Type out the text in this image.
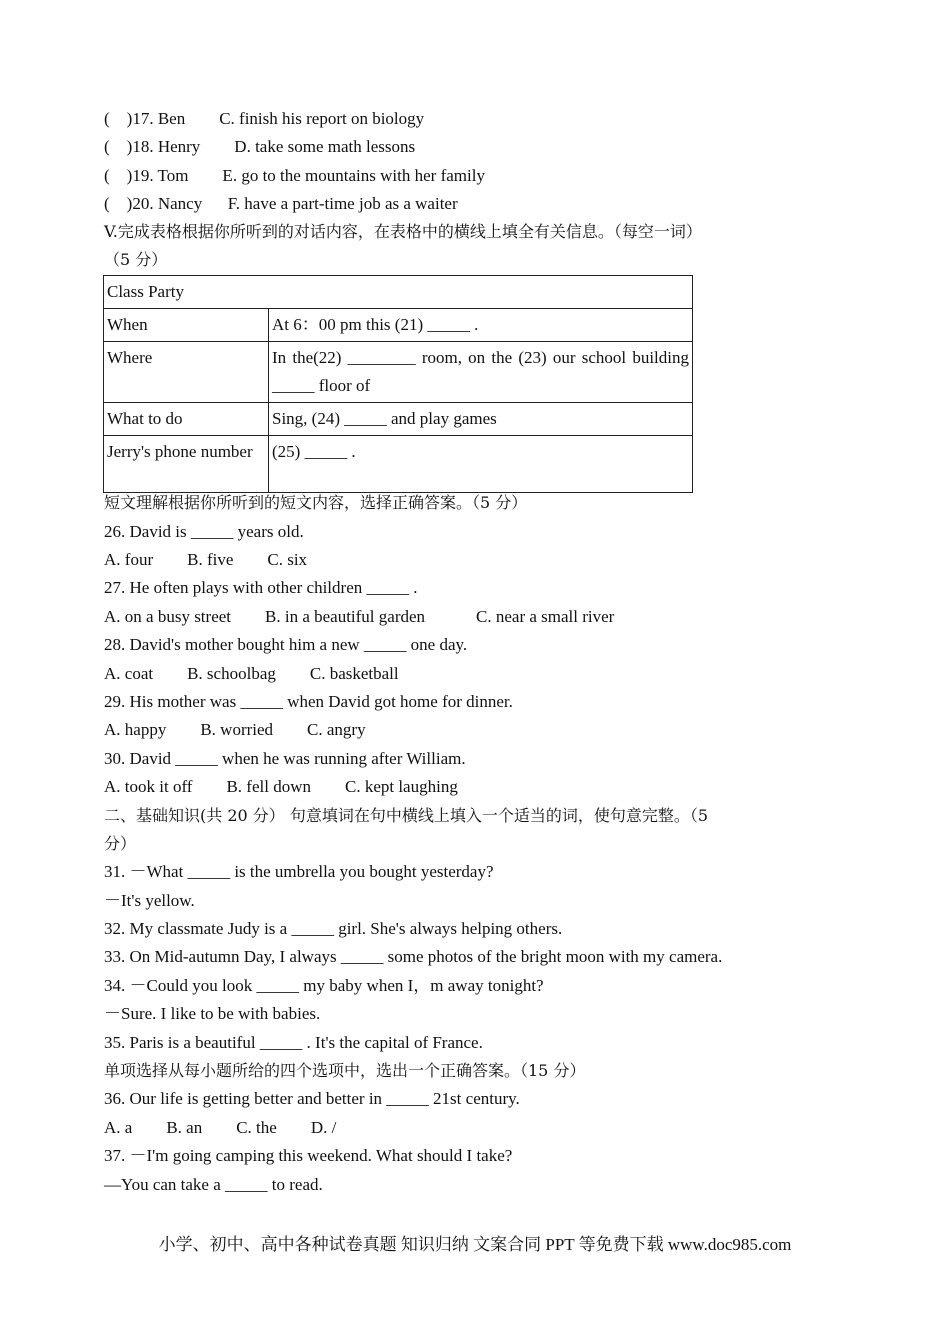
(    )17. Ben        C. finish his report on biology
(    )18. Henry        D. take some math lessons
(    )19. Tom        E. go to the mountains with her family
(    )20. Nancy      F. have a part-time job as a waiter
V.完成表格根据你所听到的对话内容，在表格中的横线上填全有关信息。（每空一词）
（5 分）
Class Party	
When	At 6：00 pm this (21) _____ .
Where	In the(22) ________ room, on the (23) our school building _____ floor of

What to do	Sing, (24) _____ and play games

Jerry's phone number	(25) _____ .
短文理解根据你所听到的短文内容，选择正确答案。（5 分）
26. David is _____ years old.
A. four        B. five        C. six
27. He often plays with other children _____ .
A. on a busy street        B. in a beautiful garden            C. near a small river
28. David's mother bought him a new _____ one day.
A. coat        B. schoolbag        C. basketball
29. His mother was _____ when David got home for dinner.
A. happy        B. worried        C. angry
30. David _____ when he was running after William.
A. took it off        B. fell down        C. kept laughing
二、基础知识(共 20 分） 句意填词在句中横线上填入一个适当的词，使句意完整。（5
分）
31. －What _____ is the umbrella you bought yesterday?
－It's yellow.
32. My classmate Judy is a _____ girl. She's always helping others.
33. On Mid-autumn Day, I always _____ some photos of the bright moon with my camera.
34. －Could you look _____ my baby when I，m away tonight?
－Sure. I like to be with babies.
35. Paris is a beautiful _____ . It's the capital of France.
单项选择从每小题所给的四个选项中，选出一个正确答案。（15 分）
36. Our life is getting better and better in _____ 21st century.
A. a        B. an        C. the        D. /
37. －I'm going camping this weekend. What should I take?
—You can take a _____ to read.
小学、初中、高中各种试卷真题 知识归纳 文案合同 PPT 等免费下载 www.doc985.com
